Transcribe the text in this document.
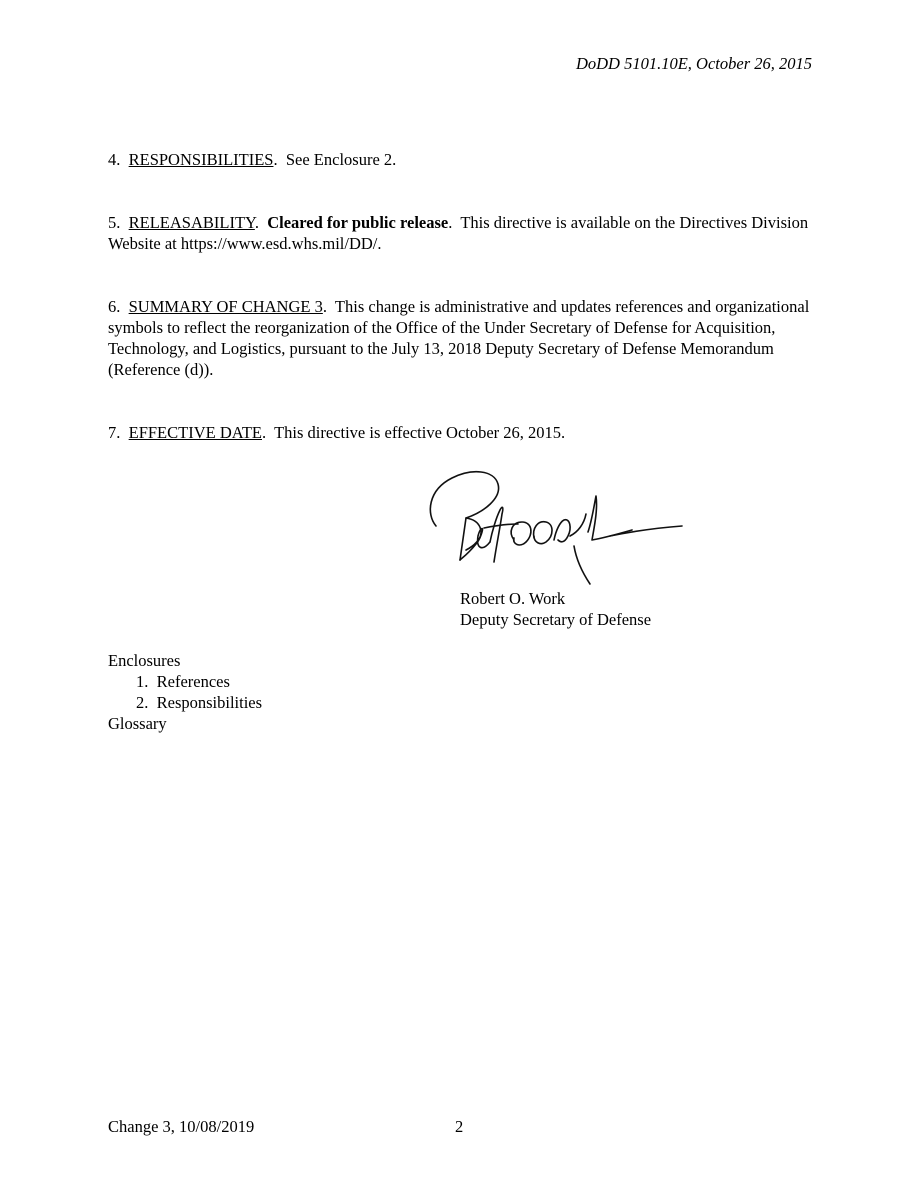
DoDD 5101.10E, October 26, 2015
4. RESPONSIBILITIES.  See Enclosure 2.
5. RELEASABILITY.  Cleared for public release.  This directive is available on the Directives Division Website at https://www.esd.whs.mil/DD/.
6. SUMMARY OF CHANGE 3.  This change is administrative and updates references and organizational symbols to reflect the reorganization of the Office of the Under Secretary of Defense for Acquisition, Technology, and Logistics, pursuant to the July 13, 2018 Deputy Secretary of Defense Memorandum (Reference (d)).
7. EFFECTIVE DATE.  This directive is effective October 26, 2015.
Robert O. Work
Deputy Secretary of Defense
Enclosures
1. References
2. Responsibilities
Glossary
Change 3, 10/08/2019	2
